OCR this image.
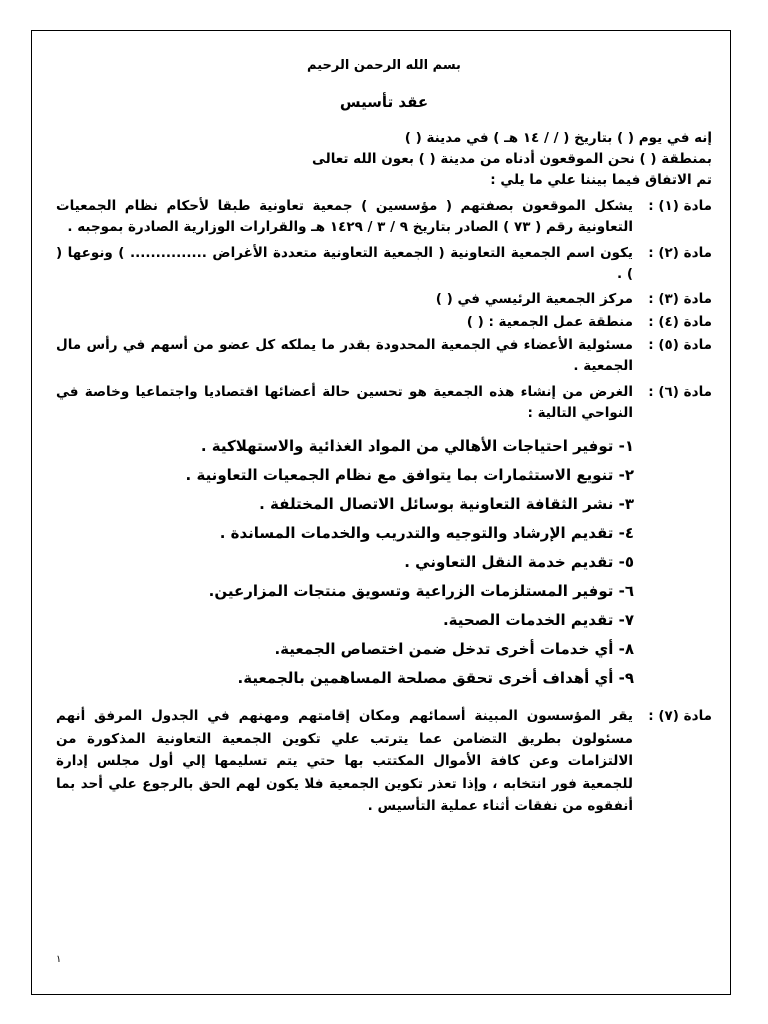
بسم الله الرحمن الرحيم
عقد تأسيس
إنه في يوم ( ) بتاريخ ( / / ١٤ هـ ) في مدينة ( )
بمنطقة ( ) نحن الموقعون أدناه من مدينة ( ) بعون الله تعالى
تم الاتفاق فيما بيننا علي ما يلي :
مادة (١) :
يشكل الموقعون بصفتهم ( مؤسسين ) جمعية تعاونية طبقا لأحكام نظام الجمعيات التعاونية رقم ( ٧٣ ) الصادر بتاريخ ٩ / ٣ / ١٤٢٩ هـ والقرارات الوزارية الصادرة بموجبه .
مادة (٢) :
يكون اسم الجمعية التعاونية ( الجمعية التعاونية متعددة الأغراض ............... ) ونوعها ( ) .
مادة (٣) :
مركز الجمعية الرئيسي في ( )
مادة (٤) :
منطقة عمل الجمعية : ( )
مادة (٥) :
مسئولية الأعضاء في الجمعية المحدودة بقدر ما يملكه كل عضو من أسهم في رأس مال الجمعية .
مادة (٦) :
الغرض من إنشاء هذه الجمعية هو تحسين حالة أعضائها اقتصاديا واجتماعيا وخاصة في النواحي التالية :
١- توفير احتياجات الأهالي من المواد الغذائية والاستهلاكية .
٢- تنويع الاستثمارات بما يتوافق مع نظام الجمعيات التعاونية .
٣- نشر الثقافة التعاونية بوسائل الاتصال المختلفة .
٤- تقديم الإرشاد والتوجيه والتدريب والخدمات المساندة .
٥- تقديم خدمة النقل التعاوني .
٦- توفير المستلزمات الزراعية وتسويق منتجات المزارعين.
٧- تقديم الخدمات الصحية.
٨- أي خدمات أخرى تدخل ضمن اختصاص الجمعية.
٩- أي أهداف أخرى تحقق مصلحة المساهمين بالجمعية.
مادة (٧) :
يقر المؤسسون المبينة أسمائهم ومكان إقامتهم ومهنهم في الجدول المرفق أنهم مسئولون بطريق التضامن عما يترتب علي تكوين الجمعية التعاونية المذكورة من الالتزامات وعن كافة الأموال المكتتب بها حتي يتم تسليمها إلي أول مجلس إدارة للجمعية فور انتخابه ، وإذا تعذر تكوين الجمعية فلا يكون لهم الحق بالرجوع علي أحد بما أنفقوه من نفقات أثناء عملية التأسيس .
١
